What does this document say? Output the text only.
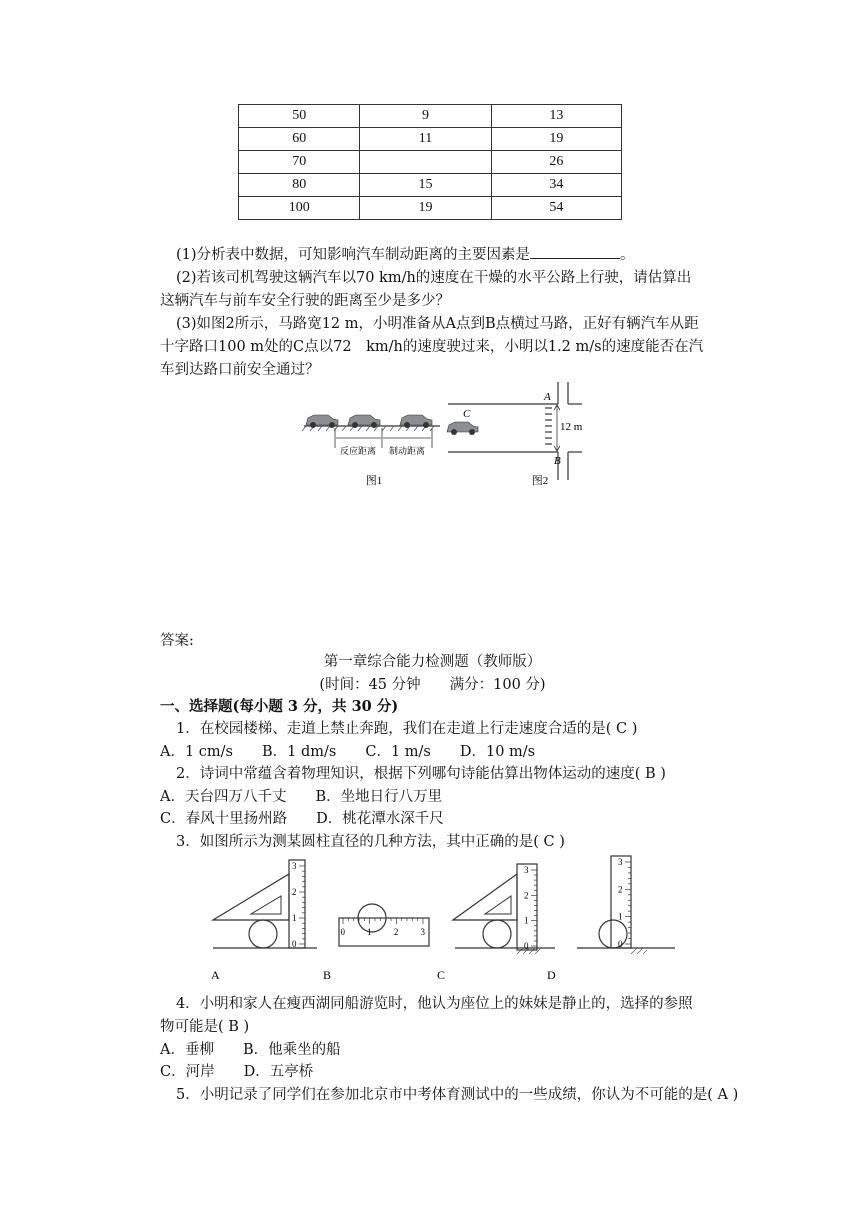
50	9	13
60	11	19
70		26
80	15	34
100	19	54
(1)分析表中数据，可知影响汽车制动距离的主要因素是	。
(2)若该司机驾驶这辆汽车以70 km/h的速度在干燥的水平公路上行驶，请估算出这辆汽车与前车安全行驶的距离至少是多少？
(3)如图2所示，马路宽12 m，小明准备从A点到B点横过马路，正好有辆汽车从距十字路口100 m处的C点以72　km/h的速度驶过来，小明以1.2 m/s的速度能否在汽车到达路口前安全通过？
反应距离 制动距离
C
A
B
12 m
图1	图2
答案:
第一章综合能力检测题（教师版）
(时间：45 分钟　　满分：100 分)
一、选择题(每小题 3 分，共 30 分)
1．在校园楼梯、走道上禁止奔跑，我们在走道上行走速度合适的是( C )
A．1 cm/s　　B．1 dm/s　　C．1 m/s　　D．10 m/s
2．诗词中常蕴含着物理知识，根据下列哪句诗能估算出物体运动的速度( B )
A．天台四万八千丈　　B．坐地日行八万里
C．春风十里扬州路　　D．桃花潭水深千尺
3．如图所示为测某圆柱直径的几种方法，其中正确的是( C )
3
2
1
0
3
2
1
0
3
2
1
0
0 1 2 3
A	B	C	D
4．小明和家人在瘦西湖同船游览时，他认为座位上的妹妹是静止的，选择的参照物可能是( B )
A．垂柳　　B．他乘坐的船
C．河岸　　D．五亭桥
5．小明记录了同学们在参加北京市中考体育测试中的一些成绩，你认为不可能的是( A )
